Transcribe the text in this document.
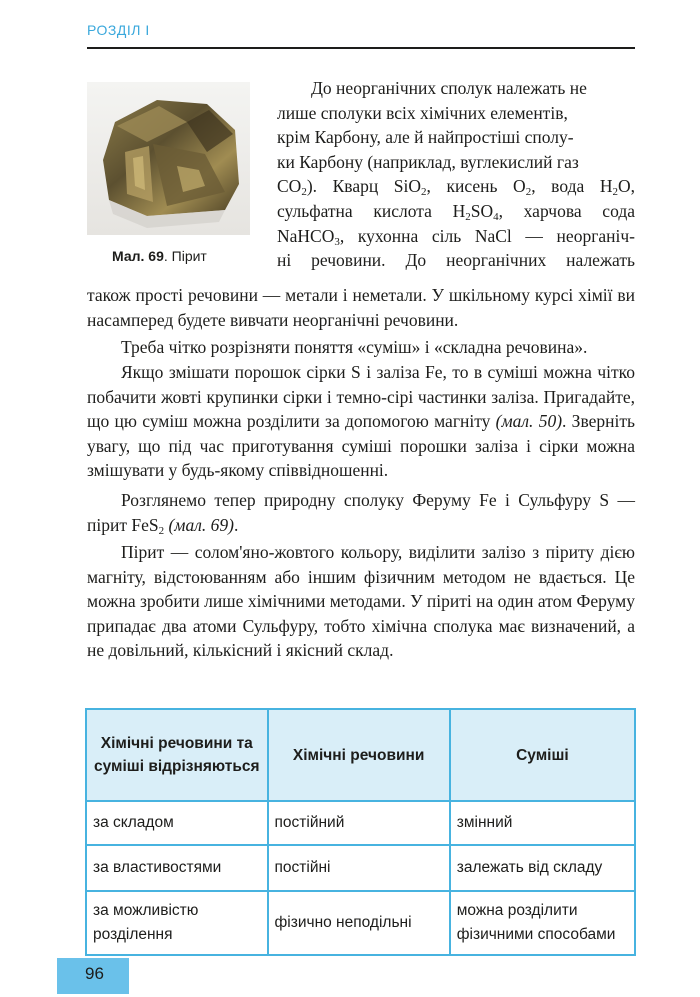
РОЗДІЛ І
Мал. 69. Пірит

До неорганічних сполук належать не

лише сполуки всіх хімічних елементів,
крім Карбону, але й найпростіші сполу-
ки Карбону (наприклад, вуглекислий газ
$CO_2$). Кварц SiO$_2$, кисень $O_2$, вода $H_2O$,
сульфатна кислота $H_2SO_4$, харчова сода
NaHCO$_3$, кухонна сіль NaCl — неорганіч-
ні речовини. До неорганічних належать

також прості речовини — метали і неметали. У шкільному курсі хімії ви насамперед будете вивчати неорганічні речовини.

Треба чітко розрізняти поняття «суміш» і «складна речовина».

Якщо змішати порошок сірки S і заліза Fe, то в суміші можна чітко побачити жовті крупинки сірки і темно-сірі частинки заліза. Пригадайте, що цю суміш можна розділити за допомогою магніту (мал. 50). Зверніть увагу, що під час приготування суміші порошки заліза і сірки можна змішувати у будь-якому співвідношенні.

Розглянемо тепер природну сполуку Феруму Fe і Сульфуру S — пірит FeS$_2$ (мал. 69).

Пірит — солом'яно-жовтого кольору, виділити залізо з піриту дією магніту, відстоюванням або іншим фізичним методом не вдається. Це можна зробити лише хімічними методами. У піриті на один атом Феруму припадає два атоми Сульфуру, тобто хімічна сполука має визначений, а не довільний, кількісний і якісний склад.

Хімічні речовини та суміші відрізняються	Хімічні речовини	Суміші
за складом	постійний	змінний
за властивостями	постійні	залежать від складу
за можливістю розділення	фізично неподільні	можна розділити фізичними способами
96
